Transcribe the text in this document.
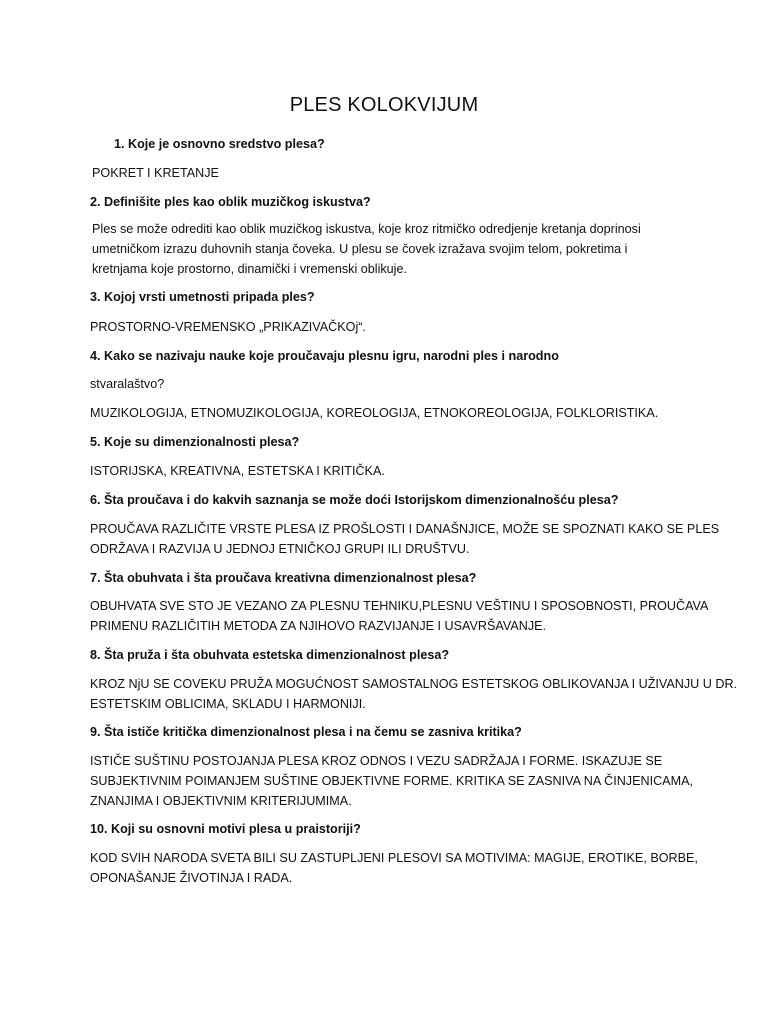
PLES KOLOKVIJUM

1. Koje je osnovno sredstvo plesa?

POKRET I KRETANJE

2. Definišite ples kao oblik muzičkog iskustva?

Ples se može odrediti kao oblik muzičkog iskustva, koje kroz ritmičko odredjenje kretanja doprinosi
umetničkom izrazu duhovnih stanja čoveka. U plesu se čovek izražava svojim telom, pokretima i
kretnjama koje prostorno, dinamički i vremenski oblikuje.

3. Kojoj vrsti umetnosti pripada ples?

PROSTORNO-VREMENSKO „PRIKAZIVAČKOj“.

4. Kako se nazivaju nauke koje proučavaju plesnu igru, narodni ples i narodno

stvaralaštvo?

MUZIKOLOGIJA, ETNOMUZIKOLOGIJA, KOREOLOGIJA, ETNOKOREOLOGIJA, FOLKLORISTIKA.

5. Koje su dimenzionalnosti plesa?

ISTORIJSKA, KREATIVNA, ESTETSKA I KRITIČKA.

6. Šta proučava i do kakvih saznanja se može doći Istorijskom dimenzionalnošću plesa?

PROUČAVA RAZLIČITE VRSTE PLESA IZ PROŠLOSTI I DANAŠNJICE, MOŽE SE SPOZNATI KAKO SE PLES
ODRŽAVA I RAZVIJA U JEDNOJ ETNIČKOJ GRUPI ILI DRUŠTVU.

7. Šta obuhvata i šta proučava kreativna dimenzionalnost plesa?

OBUHVATA SVE STO JE VEZANO ZA PLESNU TEHNIKU,PLESNU VEŠTINU I SPOSOBNOSTI, PROUČAVA
PRIMENU RAZLIČITIH METODA ZA NJIHOVO RAZVIJANJE I USAVRŠAVANJE.

8. Šta pruža i šta obuhvata estetska dimenzionalnost plesa?

KROZ NjU SE COVEKU PRUŽA MOGUĆNOST SAMOSTALNOG ESTETSKOG OBLIKOVANJA I UŽIVANJU U DR.
ESTETSKIM OBLICIMA, SKLADU I HARMONIJI.

9. Šta ističe kritička dimenzionalnost plesa i na čemu se zasniva kritika?

ISTIČE SUŠTINU POSTOJANJA PLESA KROZ ODNOS I VEZU SADRŽAJA I FORME. ISKAZUJE SE
SUBJEKTIVNIM POIMANJEM SUŠTINE OBJEKTIVNE FORME. KRITIKA SE ZASNIVA NA ČINJENICAMA,
ZNANJIMA I OBJEKTIVNIM KRITERIJUMIMA.

10. Koji su osnovni motivi plesa u praistoriji?

KOD SVIH NARODA SVETA BILI SU ZASTUPLJENI PLESOVI SA MOTIVIMA: MAGIJE, EROTIKE, BORBE,
OPONAŠANJE ŽIVOTINJA I RADA.
